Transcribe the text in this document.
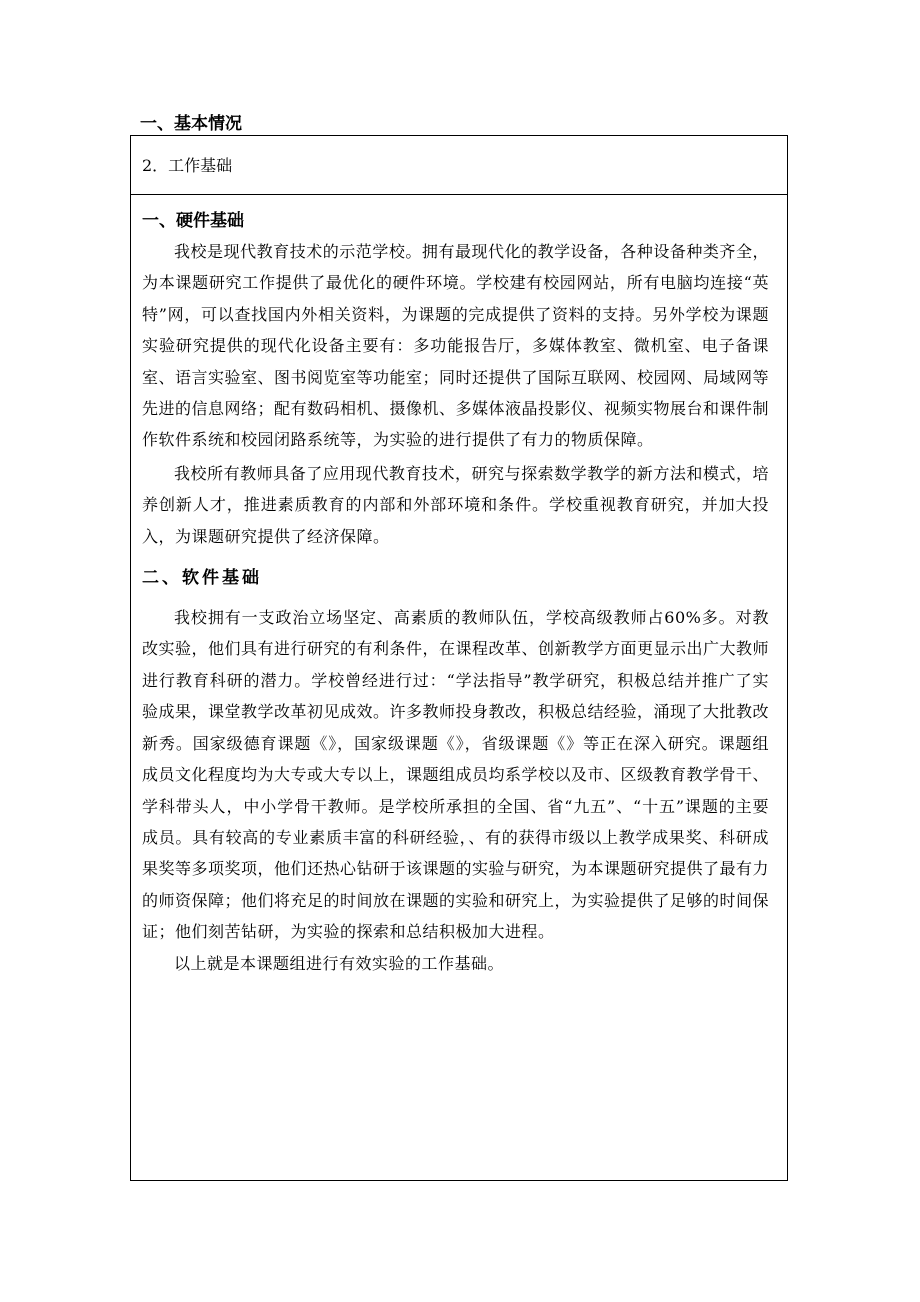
一、基本情况
2．工作基础

一、硬件基础

我校是现代教育技术的示范学校。拥有最现代化的教学设备，各种设备种类齐全，为本课题研究工作提供了最优化的硬件环境。学校建有校园网站，所有电脑均连接“英特”网，可以查找国内外相关资料，为课题的完成提供了资料的支持。另外学校为课题实验研究提供的现代化设备主要有：多功能报告厅，多媒体教室、微机室、电子备课室、语言实验室、图书阅览室等功能室；同时还提供了国际互联网、校园网、局域网等先进的信息网络；配有数码相机、摄像机、多媒体液晶投影仪、视频实物展台和课件制作软件系统和校园闭路系统等，为实验的进行提供了有力的物质保障。

我校所有教师具备了应用现代教育技术，研究与探索数学教学的新方法和模式，培养创新人才，推进素质教育的内部和外部环境和条件。学校重视教育研究，并加大投入，为课题研究提供了经济保障。

二、软件基础

我校拥有一支政治立场坚定、高素质的教师队伍，学校高级教师占60%多。对教改实验，他们具有进行研究的有利条件，在课程改革、创新教学方面更显示出广大教师进行教育科研的潜力。学校曾经进行过：“学法指导”教学研究，积极总结并推广了实验成果，课堂教学改革初见成效。许多教师投身教改，积极总结经验，涌现了大批教改新秀。国家级德育课题《》，国家级课题《》，省级课题《》等正在深入研究。课题组成员文化程度均为大专或大专以上，课题组成员均系学校以及市、区级教育教学骨干、学科带头人，中小学骨干教师。是学校所承担的全国、省“九五”、“十五”课题的主要成员。具有较高的专业素质丰富的科研经验，、有的获得市级以上教学成果奖、科研成果奖等多项奖项，他们还热心钻研于该课题的实验与研究，为本课题研究提供了最有力的师资保障；他们将充足的时间放在课题的实验和研究上，为实验提供了足够的时间保证；他们刻苦钻研，为实验的探索和总结积极加大进程。

以上就是本课题组进行有效实验的工作基础。
